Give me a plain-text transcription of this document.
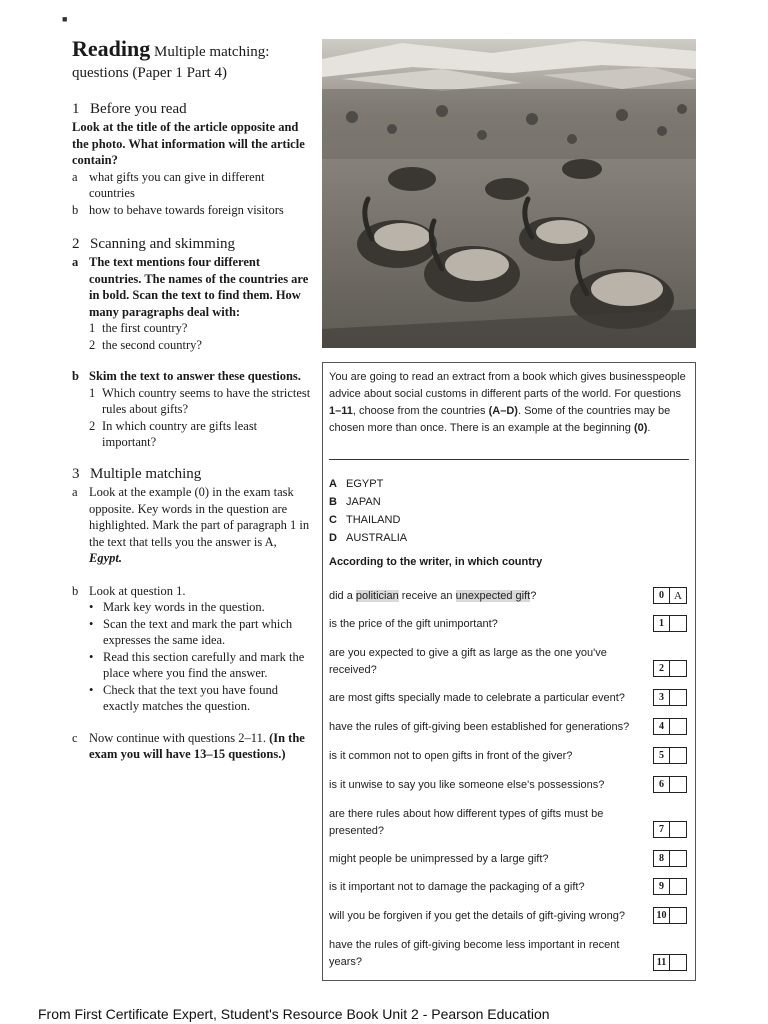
■
Reading Multiple matching:
questions (Paper 1 Part 4)
1 Before you read
Look at the title of the article opposite and the photo. What information will the article contain?
a what gifts you can give in different countries
b how to behave towards foreign visitors
2 Scanning and skimming
a The text mentions four different countries. The names of the countries are in bold. Scan the text to find them. How many paragraphs deal with:
1 the first country?
2 the second country?
b Skim the text to answer these questions.
1 Which country seems to have the strictest rules about gifts?
2 In which country are gifts least important?
3 Multiple matching
a Look at the example (0) in the exam task opposite. Key words in the question are highlighted. Mark the part of paragraph 1 in the text that tells you the answer is A, Egypt.
b Look at question 1.
• Mark key words in the question.
• Scan the text and mark the part which expresses the same idea.
• Read this section carefully and mark the place where you find the answer.
• Check that the text you have found exactly matches the question.
c Now continue with questions 2–11. (In the exam you will have 13–15 questions.)
You are going to read an extract from a book which gives businesspeople advice about social customs in different parts of the world. For questions 1–11, choose from the countries (A–D). Some of the countries may be chosen more than once. There is an example at the beginning (0).
A EGYPT
B JAPAN
C THAILAND
D AUSTRALIA
According to the writer, in which country
did a politician receive an unexpected gift?	0 A
is the price of the gift unimportant?	1
are you expected to give a gift as large as the one you've received?	2
are most gifts specially made to celebrate a particular event?	3
have the rules of gift-giving been established for generations?	4
is it common not to open gifts in front of the giver?	5
is it unwise to say you like someone else's possessions?	6
are there rules about how different types of gifts must be presented?	7
might people be unimpressed by a large gift?	8
is it important not to damage the packaging of a gift?	9
will you be forgiven if you get the details of gift-giving wrong?	10
have the rules of gift-giving become less important in recent years?	11
From First Certificate Expert, Student's Resource Book Unit 2 - Pearson Education
